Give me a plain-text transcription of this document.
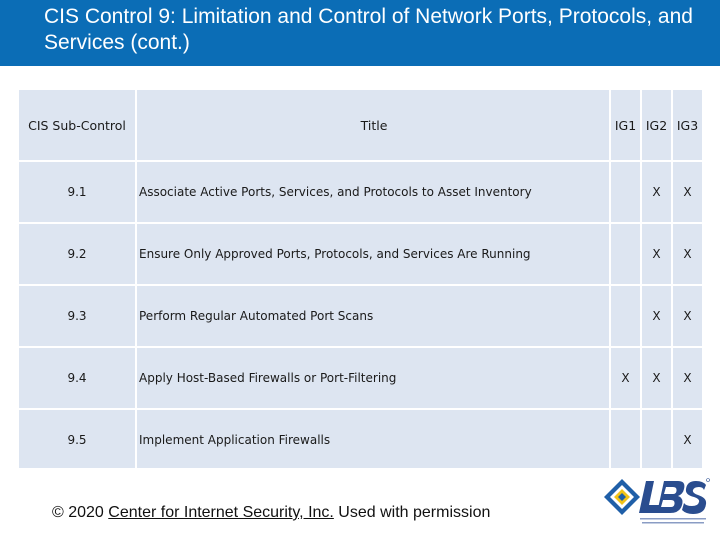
CIS Control 9: Limitation and Control of Network Ports, Protocols, and Services (cont.)
CIS Sub-Control	Title	IG1	IG2	IG3
9.1	Associate Active Ports, Services, and Protocols to Asset Inventory		X	X
9.2	Ensure Only Approved Ports, Protocols, and Services Are Running		X	X
9.3	Perform Regular Automated Port Scans		X	X
9.4	Apply Host-Based Firewalls or Port-Filtering	X	X	X
9.5	Implement Application Firewalls			X
© 2020 Center for Internet Security, Inc. Used with permission
